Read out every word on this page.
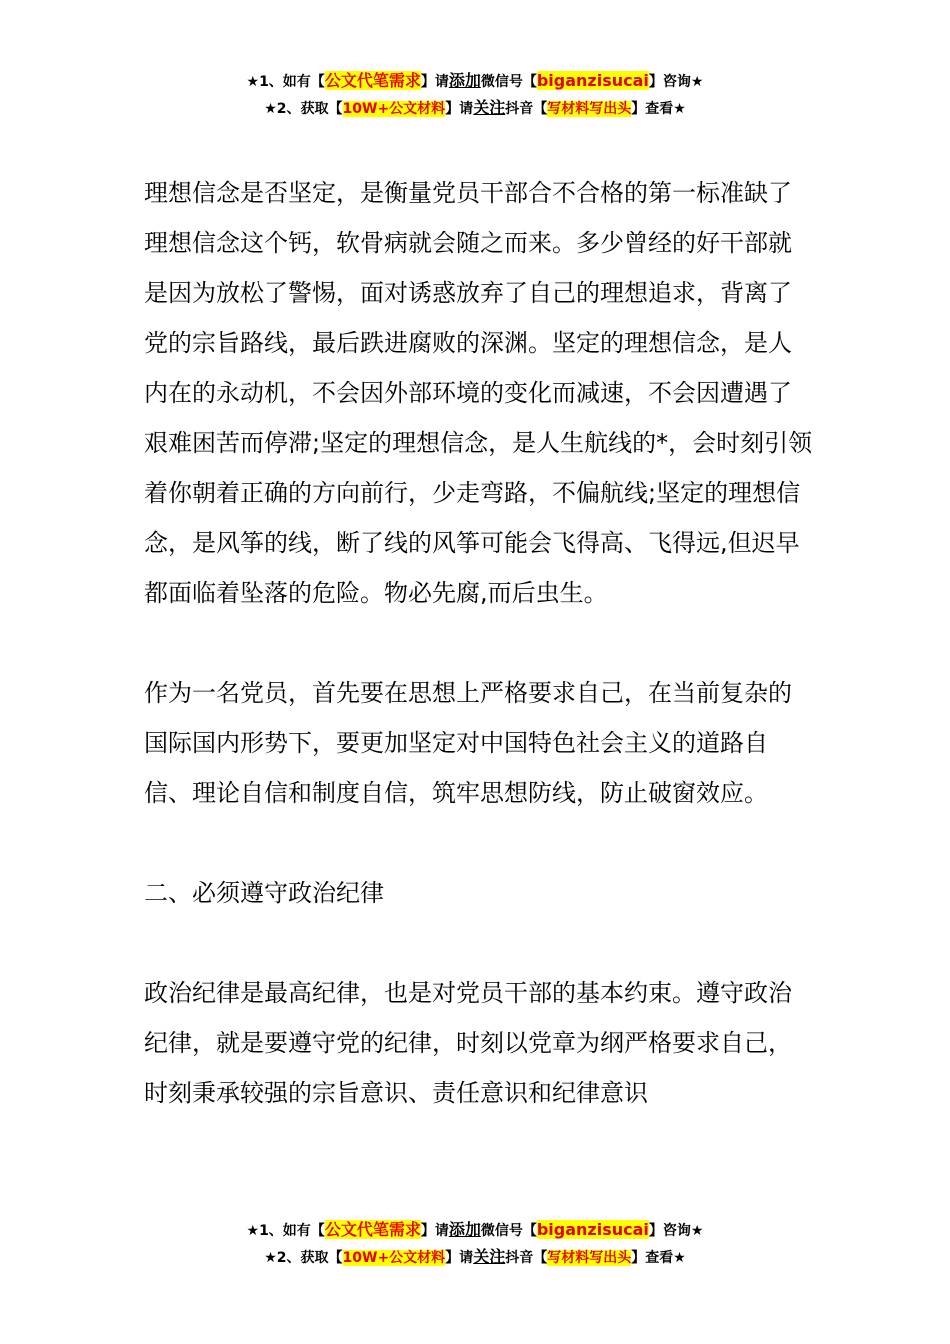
★1、如有【公文代笔需求】请添加微信号【biganzisucai】咨询★
★2、获取【10W+公文材料】请关注抖音【写材料写出头】查看★

理想信念是否坚定，是衡量党员干部合不合格的第一标准缺了理想信念这个钙，软骨病就会随之而来。多少曾经的好干部就是因为放松了警惕，面对诱惑放弃了自己的理想追求，背离了党的宗旨路线，最后跌进腐败的深渊。坚定的理想信念，是人内在的永动机，不会因外部环境的变化而减速，不会因遭遇了艰难困苦而停滞;坚定的理想信念，是人生航线的*，会时刻引领着你朝着正确的方向前行，少走弯路，不偏航线;坚定的理想信念，是风筝的线，断了线的风筝可能会飞得高、飞得远,但迟早都面临着坠落的危险。物必先腐,而后虫生。

作为一名党员，首先要在思想上严格要求自己，在当前复杂的国际国内形势下，要更加坚定对中国特色社会主义的道路自信、理论自信和制度自信，筑牢思想防线，防止破窗效应。

二、必须遵守政治纪律

政治纪律是最高纪律，也是对党员干部的基本约束。遵守政治纪律，就是要遵守党的纪律，时刻以党章为纲严格要求自己，时刻秉承较强的宗旨意识、责任意识和纪律意识

★1、如有【公文代笔需求】请添加微信号【biganzisucai】咨询★
★2、获取【10W+公文材料】请关注抖音【写材料写出头】查看★
